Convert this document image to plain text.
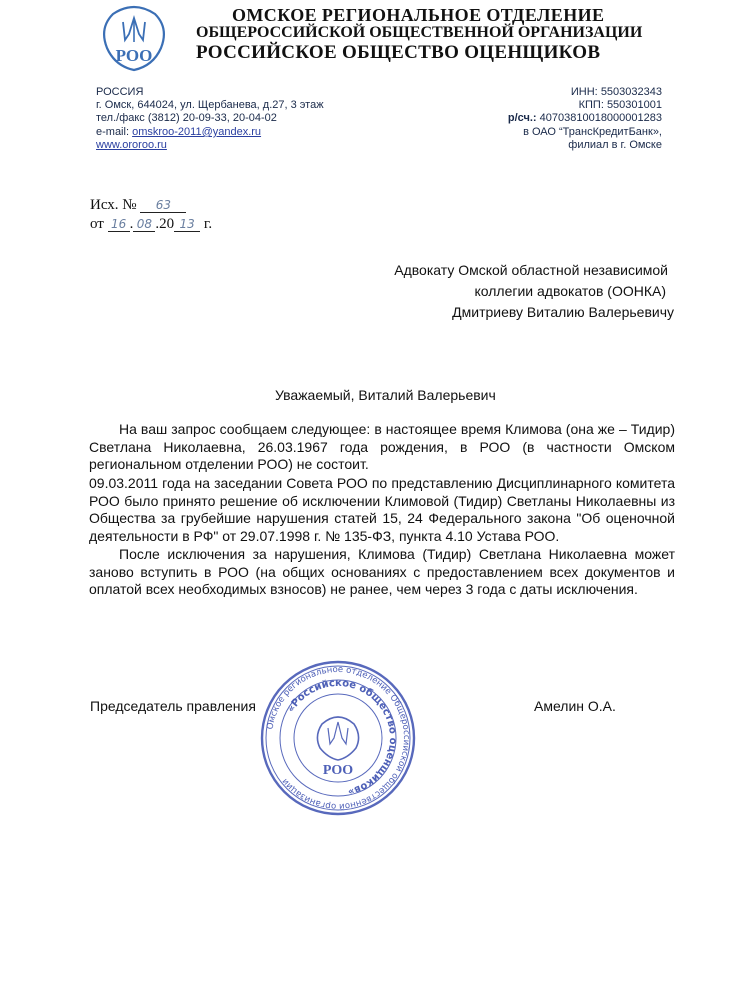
РОО
ОМСКОЕ РЕГИОНАЛЬНОЕ ОТДЕЛЕНИЕ
ОБЩЕРОССИЙСКОЙ ОБЩЕСТВЕННОЙ ОРГАНИЗАЦИИ
РОССИЙСКОЕ ОБЩЕСТВО ОЦЕНЩИКОВ
РОССИЯ
г. Омск, 644024, ул. Щербанева, д.27, 3 этаж
тел./факс (3812) 20-09-33, 20-04-02
e-mail: omskroo-2011@yandex.ru
www.ororoo.ru
ИНН: 5503032343
КПП: 550301001
р/сч.: 40703810018000001283
в ОАО “ТрансКредитБанк»,
филиал в г. Омске
Исх. № 63
от 16 . 08 .20 13 г.
Адвокату Омской областной независимой
коллегии адвокатов (ООНКА)
Дмитриеву Виталию Валерьевичу
Уважаемый, Виталий Валерьевич
На ваш запрос сообщаем следующее: в настоящее время Климова (она же – Тидир) Светлана Николаевна, 26.03.1967 года рождения, в РОО (в частности Омском региональном отделении РОО) не состоит.
09.03.2011 года на заседании Совета РОО по представлению Дисциплинарного комитета РОО было принято решение об исключении Климовой (Тидир) Светланы Николаевны из Общества за грубейшие нарушения статей 15, 24 Федерального закона "Об оценочной деятельности в РФ" от 29.07.1998 г. № 135-ФЗ, пункта 4.10 Устава РОО.
После исключения за нарушения, Климова (Тидир) Светлана Николаевна может заново вступить в РОО (на общих основаниях с предоставлением всех документов и оплатой всех необходимых взносов) не ранее, чем через 3 года с даты исключения.
Председатель правления	Амелин О.А.
Омское региональное отделение Общероссийской общественной организации
«Российское общество оценщиков»
РОО
